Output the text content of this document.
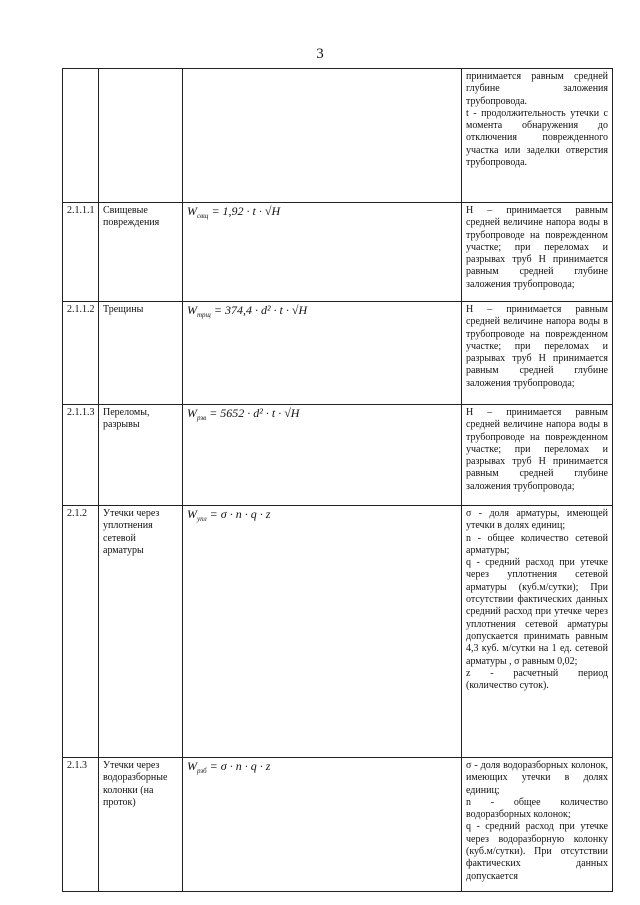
3

			принимается равным средней глубине заложения трубопровода.
t - продолжительность утечки с момента обнаружения до отключения поврежденного участка или заделки отверстия трубопровода.

2.1.1.1	Свищевые повреждения	$W_{свщ} = 1,92 \cdot t \cdot √H$	Н – принимается равным средней величине напора воды в трубопроводе на поврежденном участке; при переломах и разрывах труб Н принимается равным средней глубине заложения трубопровода;

2.1.1.2	Трещины	$W_{трщ} = 374,4 \cdot d^2 \cdot t \cdot √H$	Н – принимается равным средней величине напора воды в трубопроводе на поврежденном участке; при переломах и разрывах труб Н принимается равным средней глубине заложения трубопровода;

2.1.1.3	Переломы, разрывы	$W_{рзв} = 5652 \cdot d^2 \cdot t \cdot √H$	Н – принимается равным средней величине напора воды в трубопроводе на поврежденном участке; при переломах и разрывах труб Н принимается равным средней глубине заложения трубопровода;

2.1.2	Утечки через уплотнения сетевой арматуры	$W_{упл} = \sigma \cdot n \cdot q \cdot z$	σ - доля арматуры, имеющей утечки в долях единиц;
n - общее количество сетевой арматуры;
q - средний расход при утечке через уплотнения сетевой арматуры (куб.м/сутки); При отсутствии фактических данных средний расход при утечке через уплотнения сетевой арматуры допускается принимать равным 4,3 куб. м/сутки на 1 ед. сетевой арматуры , σ равным 0,02;
z - расчетный период (количество суток).

2.1.3	Утечки через водоразборные колонки (на проток)	$W_{рзб} = \sigma \cdot n \cdot q \cdot z$	σ - доля водоразборных колонок, имеющих утечки в долях единиц;
n - общее количество водоразборных колонок;
q - средний расход при утечке через водоразборную колонку (куб.м/сутки). При отсутствии фактических данных допускается
